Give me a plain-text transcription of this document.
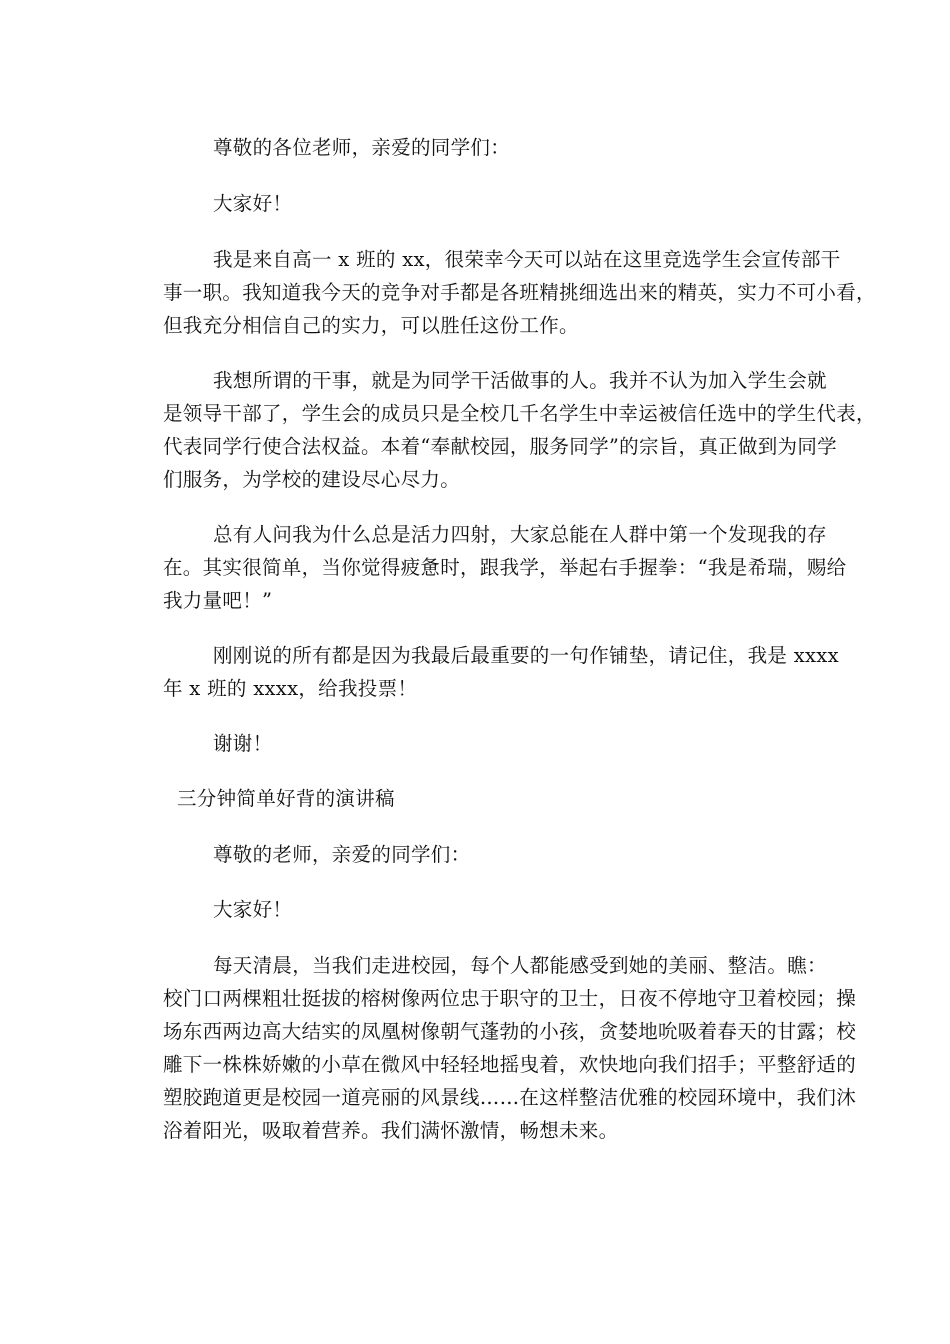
尊敬的各位老师，亲爱的同学们：

大家好！

我是来自高一 x 班的 xx，很荣幸今天可以站在这里竞选学生会宣传部干
事一职。我知道我今天的竞争对手都是各班精挑细选出来的精英，实力不可小看，
但我充分相信自己的实力，可以胜任这份工作。

我想所谓的干事，就是为同学干活做事的人。我并不认为加入学生会就
是领导干部了，学生会的成员只是全校几千名学生中幸运被信任选中的学生代表，
代表同学行使合法权益。本着“奉献校园，服务同学”的宗旨，真正做到为同学
们服务，为学校的建设尽心尽力。

总有人问我为什么总是活力四射，大家总能在人群中第一个发现我的存
在。其实很简单，当你觉得疲惫时，跟我学，举起右手握拳：“我是希瑞，赐给
我力量吧！”

刚刚说的所有都是因为我最后最重要的一句作铺垫，请记住，我是 xxxx
年 x 班的 xxxx，给我投票！

谢谢！

三分钟简单好背的演讲稿

尊敬的老师，亲爱的同学们：

大家好！

每天清晨，当我们走进校园，每个人都能感受到她的美丽、整洁。瞧：
校门口两棵粗壮挺拔的榕树像两位忠于职守的卫士，日夜不停地守卫着校园；操
场东西两边高大结实的凤凰树像朝气蓬勃的小孩，贪婪地吮吸着春天的甘露；校
雕下一株株娇嫩的小草在微风中轻轻地摇曳着，欢快地向我们招手；平整舒适的
塑胶跑道更是校园一道亮丽的风景线……在这样整洁优雅的校园环境中，我们沐
浴着阳光，吸取着营养。我们满怀激情，畅想未来。
